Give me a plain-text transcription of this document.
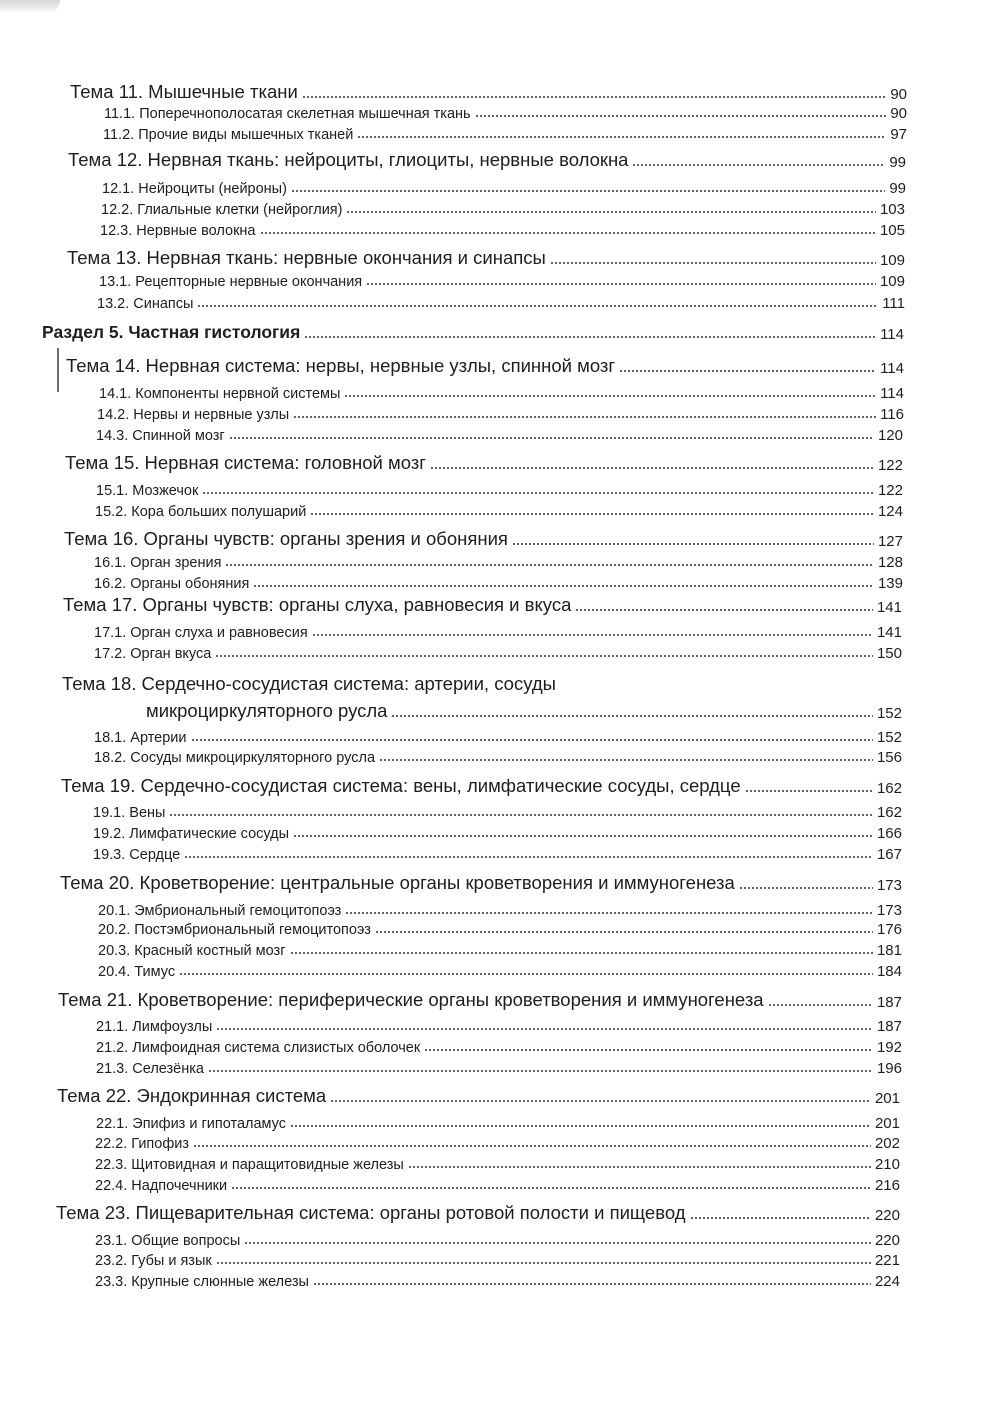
Тема 11. Мышечные ткани	90
11.1. Поперечнополосатая скелетная мышечная ткань	90
11.2. Прочие виды мышечных тканей	97
Тема 12. Нервная ткань: нейроциты, глиоциты, нервные волокна	99
12.1. Нейроциты (нейроны)	99
12.2. Глиальные клетки (нейроглия)	103
12.3. Нервные волокна	105
Тема 13. Нервная ткань: нервные окончания и синапсы	109
13.1. Рецепторные нервные окончания	109
13.2. Синапсы	111
Раздел 5. Частная гистология	114
Тема 14. Нервная система: нервы, нервные узлы, спинной мозг	114
14.1. Компоненты нервной системы	114
14.2. Нервы и нервные узлы	116
14.3. Спинной мозг	120
Тема 15. Нервная система: головной мозг	122
15.1. Мозжечок	122
15.2. Кора больших полушарий	124
Тема 16. Органы чувств: органы зрения и обоняния	127
16.1. Орган зрения	128
16.2. Органы обоняния	139
Тема 17. Органы чувств: органы слуха, равновесия и вкуса	141
17.1. Орган слуха и равновесия	141
17.2. Орган вкуса	150
Тема 18. Сердечно-сосудистая система: артерии, сосуды
микроциркуляторного русла	152
18.1. Артерии	152
18.2. Сосуды микроциркуляторного русла	156
Тема 19. Сердечно-сосудистая система: вены, лимфатические сосуды, сердце	162
19.1. Вены	162
19.2. Лимфатические сосуды	166
19.3. Сердце	167
Тема 20. Кроветворение: центральные органы кроветворения и иммуногенеза	173
20.1. Эмбриональный гемоцитопоэз	173
20.2. Постэмбриональный гемоцитопоэз	176
20.3. Красный костный мозг	181
20.4. Тимус	184
Тема 21. Кроветворение: периферические органы кроветворения и иммуногенеза	187
21.1. Лимфоузлы	187
21.2. Лимфоидная система слизистых оболочек	192
21.3. Селезёнка	196
Тема 22. Эндокринная система	201
22.1. Эпифиз и гипоталамус	201
22.2. Гипофиз	202
22.3. Щитовидная и паращитовидные железы	210
22.4. Надпочечники	216
Тема 23. Пищеварительная система: органы ротовой полости и пищевод	220
23.1. Общие вопросы	220
23.2. Губы и язык	221
23.3. Крупные слюнные железы	224
